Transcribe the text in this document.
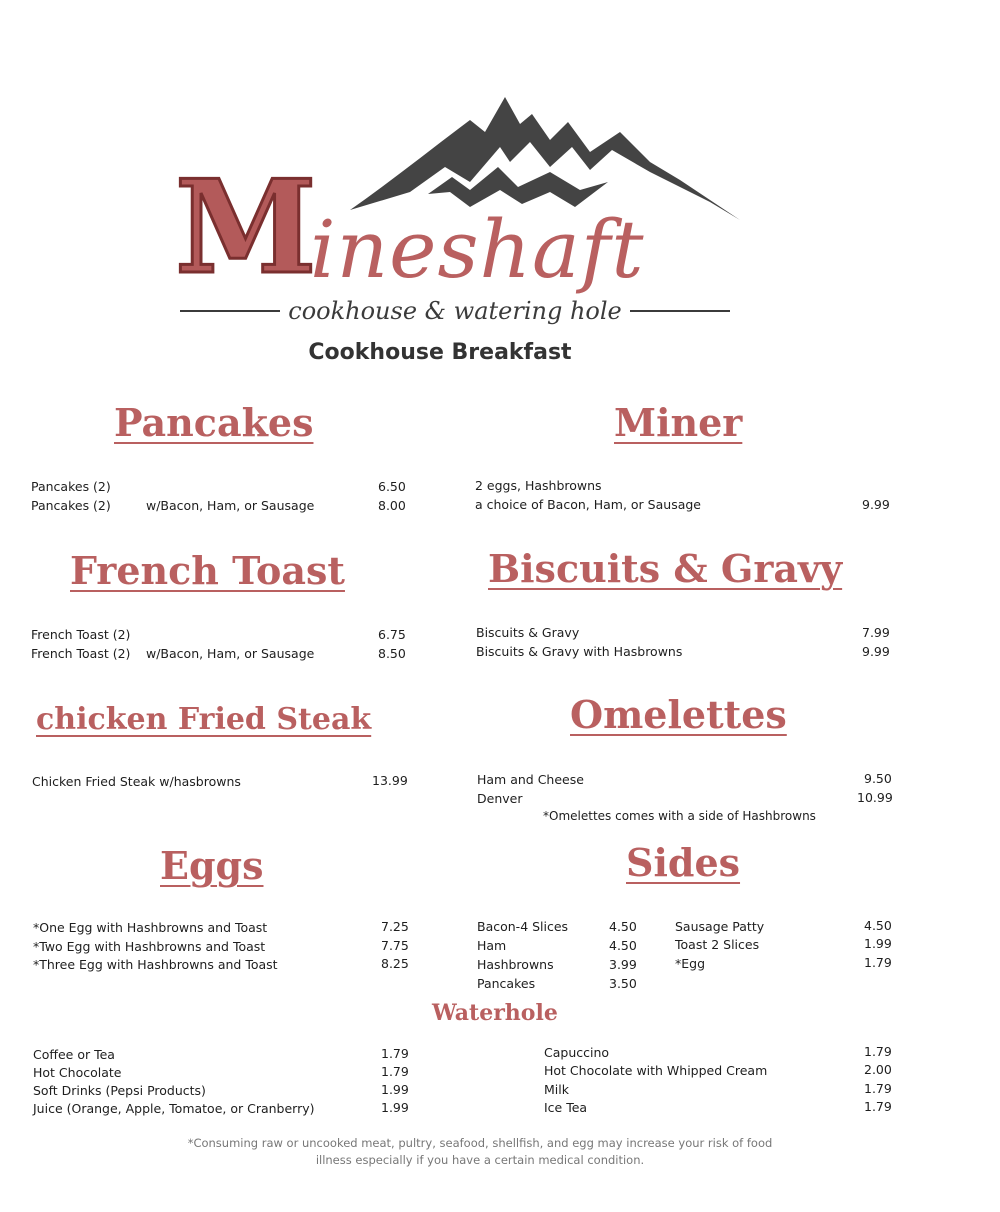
M
ineshaft
cookhouse & watering hole
Cookhouse Breakfast
Pancakes
Pancakes (2)	6.50
Pancakes (2)	w/Bacon, Ham, or Sausage	8.00
Miner
2 eggs, Hashbrowns
a choice of Bacon, Ham, or Sausage	9.99
French Toast
French Toast (2)	6.75
French Toast (2) w/Bacon, Ham, or Sausage	8.50
Biscuits & Gravy
Biscuits & Gravy	7.99
Biscuits & Gravy with Hasbrowns	9.99
chicken Fried Steak
Chicken Fried Steak w/hasbrowns	13.99
Omelettes
Ham and Cheese	9.50
Denver	10.99
*Omelettes comes with a side of Hashbrowns
Eggs
*One Egg with Hashbrowns and Toast	7.25
*Two Egg with Hashbrowns and Toast	7.75
*Three Egg with Hashbrowns and Toast	8.25
Sides
Bacon-4 Slices	4.50
Ham	4.50
Hashbrowns	3.99
Pancakes	3.50
Sausage Patty	4.50
Toast 2 Slices	1.99
*Egg	1.79
Waterhole
Coffee or Tea	1.79
Hot Chocolate	1.79
Soft Drinks (Pepsi Products)	1.99
Juice (Orange, Apple, Tomatoe, or Cranberry)	1.99
Capuccino	1.79
Hot Chocolate with Whipped Cream	2.00
Milk	1.79
Ice Tea	1.79
*Consuming raw or uncooked meat, pultry, seafood, shellfish, and egg may increase your risk of food
illness especially if you have a certain medical condition.
